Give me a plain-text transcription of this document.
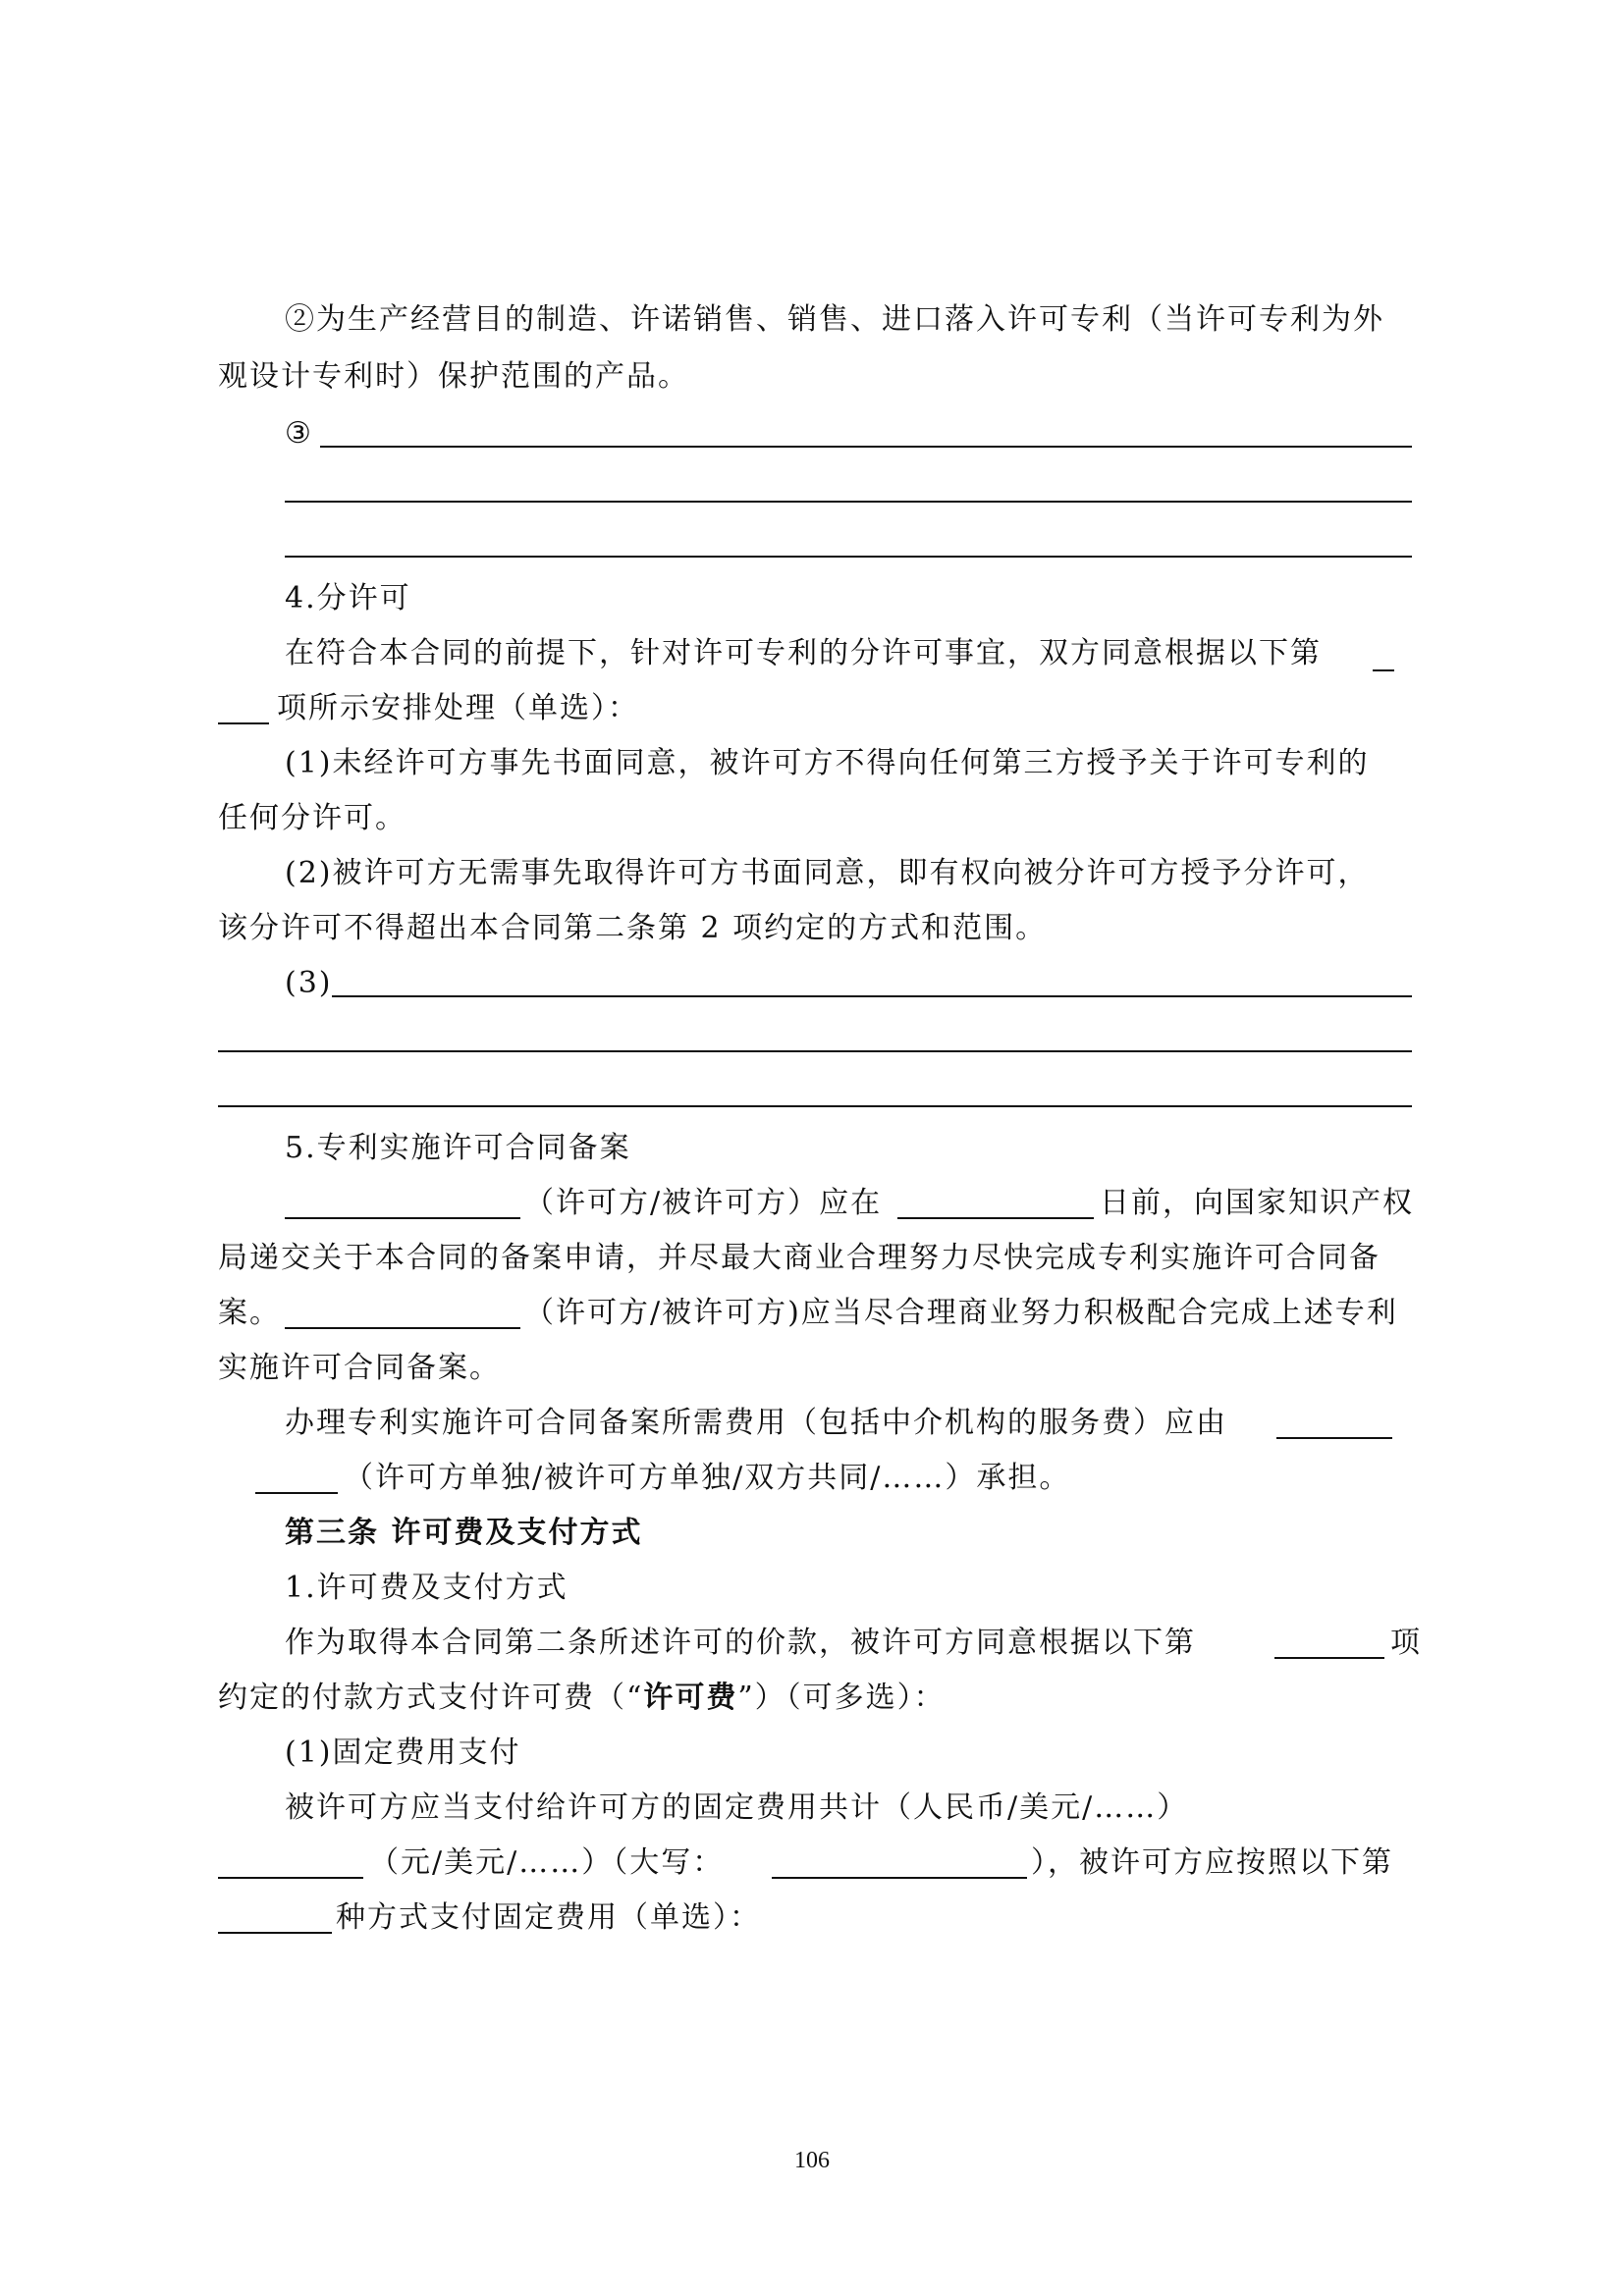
②为生产经营目的制造、许诺销售、销售、进口落入许可专利（当许可专利为外
观设计专利时）保护范围的产品。
③
4.分许可
在符合本合同的前提下，针对许可专利的分许可事宜，双方同意根据以下第
项所示安排处理（单选）：
(1)未经许可方事先书面同意，被许可方不得向任何第三方授予关于许可专利的
任何分许可。
(2)被许可方无需事先取得许可方书面同意，即有权向被分许可方授予分许可，
该分许可不得超出本合同第二条第 2 项约定的方式和范围。
(3)
5.专利实施许可合同备案
（许可方/被许可方）应在	日前，向国家知识产权
局递交关于本合同的备案申请，并尽最大商业合理努力尽快完成专利实施许可合同备
案。	（许可方/被许可方)应当尽合理商业努力积极配合完成上述专利
实施许可合同备案。
办理专利实施许可合同备案所需费用（包括中介机构的服务费）应由
（许可方单独/被许可方单独/双方共同/……）承担。
第三条 许可费及支付方式
1.许可费及支付方式
作为取得本合同第二条所述许可的价款，被许可方同意根据以下第	项
约定的付款方式支付许可费（“许可费”）（可多选）：
(1)固定费用支付
被许可方应当支付给许可方的固定费用共计（人民币/美元/……）
（元/美元/……）（大写：	），被许可方应按照以下第
种方式支付固定费用（单选）：
106
